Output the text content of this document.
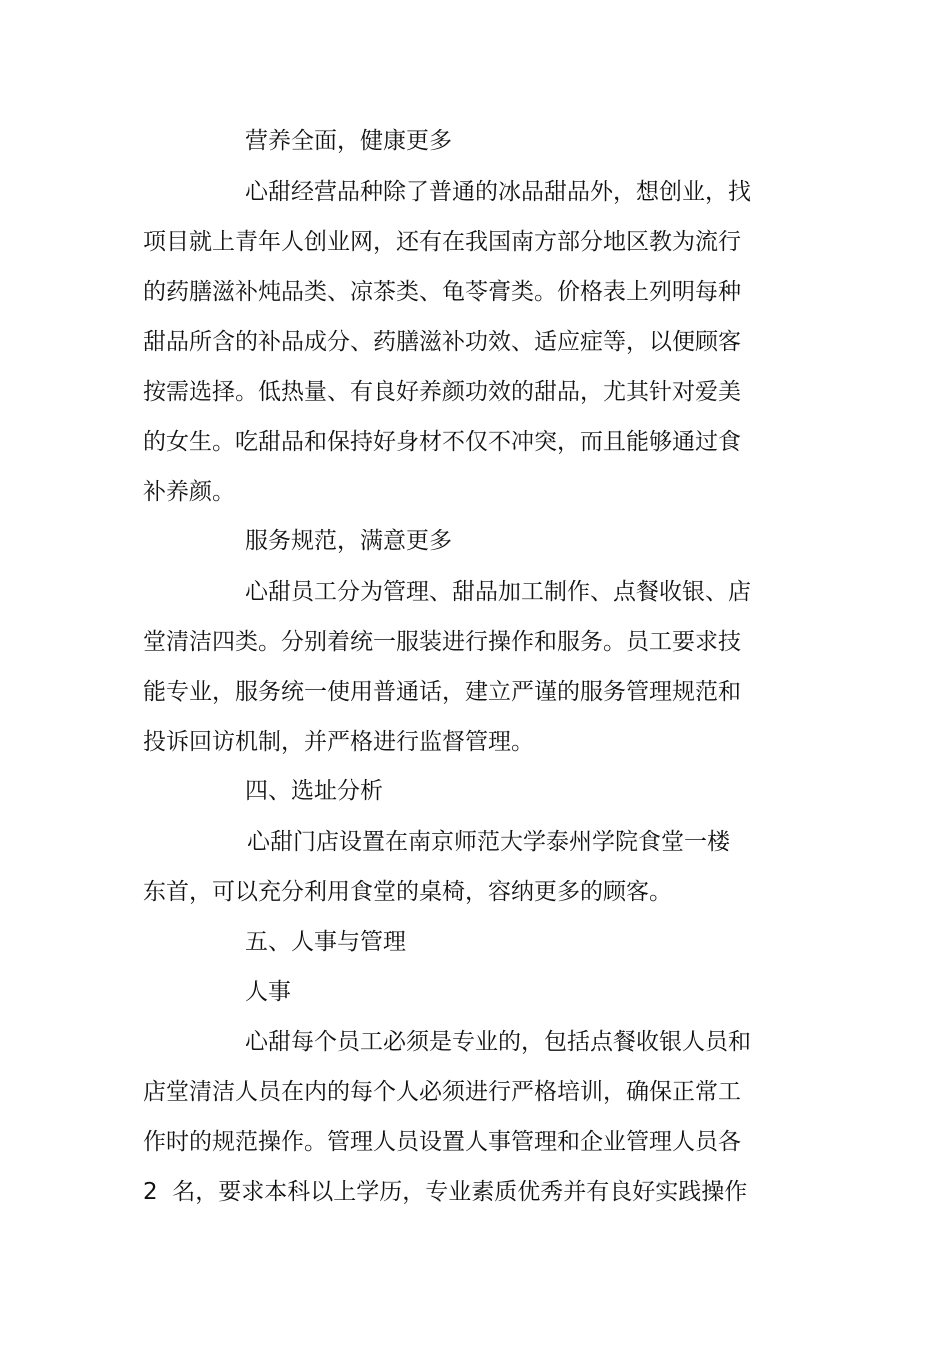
营养全面，健康更多
心甜经营品种除了普通的冰品甜品外，想创业，找
项目就上青年人创业网，还有在我国南方部分地区教为流行
的药膳滋补炖品类、凉茶类、龟苓膏类。价格表上列明每种
甜品所含的补品成分、药膳滋补功效、适应症等，以便顾客
按需选择。低热量、有良好养颜功效的甜品，尤其针对爱美
的女生。吃甜品和保持好身材不仅不冲突，而且能够通过食
补养颜。
服务规范，满意更多
心甜员工分为管理、甜品加工制作、点餐收银、店
堂清洁四类。分别着统一服装进行操作和服务。员工要求技
能专业，服务统一使用普通话，建立严谨的服务管理规范和
投诉回访机制，并严格进行监督管理。
四、选址分析
心甜门店设置在南京师范大学泰州学院食堂一楼
东首，可以充分利用食堂的桌椅，容纳更多的顾客。
五、人事与管理
人事
心甜每个员工必须是专业的，包括点餐收银人员和
店堂清洁人员在内的每个人必须进行严格培训，确保正常工
作时的规范操作。管理人员设置人事管理和企业管理人员各
2  名，要求本科以上学历，专业素质优秀并有良好实践操作
